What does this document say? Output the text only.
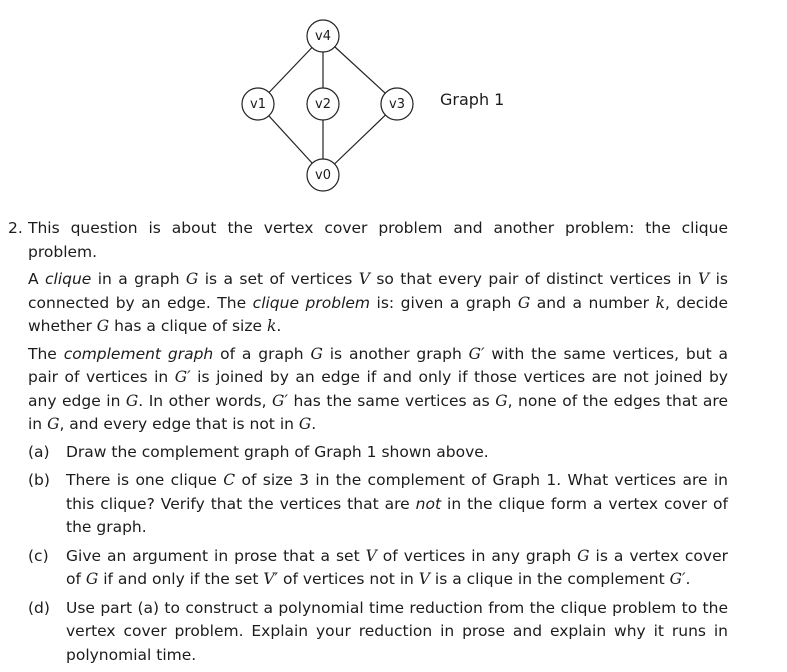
v4
v1	v2	v3
v0
Graph 1
2. This question is about the vertex cover problem and another problem: the clique problem.
A clique in a graph G is a set of vertices V so that every pair of distinct vertices in V is connected by an edge. The clique problem is: given a graph G and a number k, decide whether G has a clique of size k.
The complement graph of a graph G is another graph G′ with the same vertices, but a pair of vertices in G′ is joined by an edge if and only if those vertices are not joined by any edge in G. In other words, G′ has the same vertices as G, none of the edges that are in G, and every edge that is not in G.
(a) Draw the complement graph of Graph 1 shown above.
(b) There is one clique C of size 3 in the complement of Graph 1. What vertices are in this clique? Verify that the vertices that are not in the clique form a vertex cover of the graph.
(c) Give an argument in prose that a set V of vertices in any graph G is a vertex cover of G if and only if the set V′ of vertices not in V is a clique in the complement G′.
(d) Use part (a) to construct a polynomial time reduction from the clique problem to the vertex cover problem. Explain your reduction in prose and explain why it runs in polynomial time.
